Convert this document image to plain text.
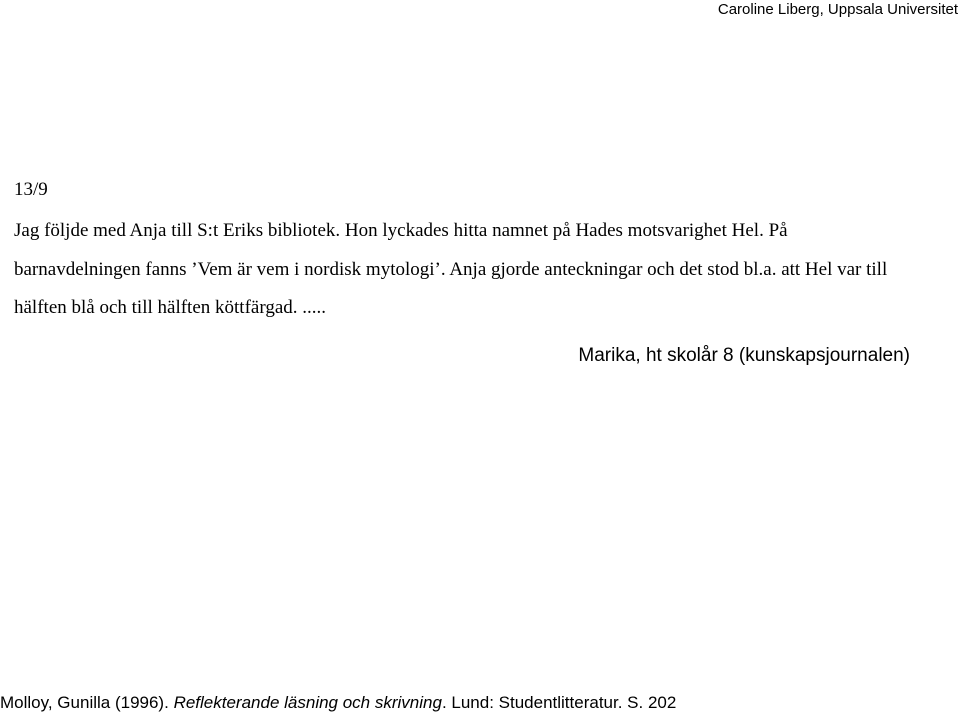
Caroline Liberg, Uppsala Universitet
13/9
Jag följde med Anja till S:t Eriks bibliotek. Hon lyckades hitta namnet på Hades motsvarighet Hel. På barnavdelningen fanns ’Vem är vem i nordisk mytologi’. Anja gjorde anteckningar och det stod bl.a. att Hel var till hälften blå och till hälften köttfärgad. .....
Marika, ht skolår 8 (kunskapsjournalen)
Molloy, Gunilla (1996). Reflekterande läsning och skrivning. Lund: Studentlitteratur. S. 202
